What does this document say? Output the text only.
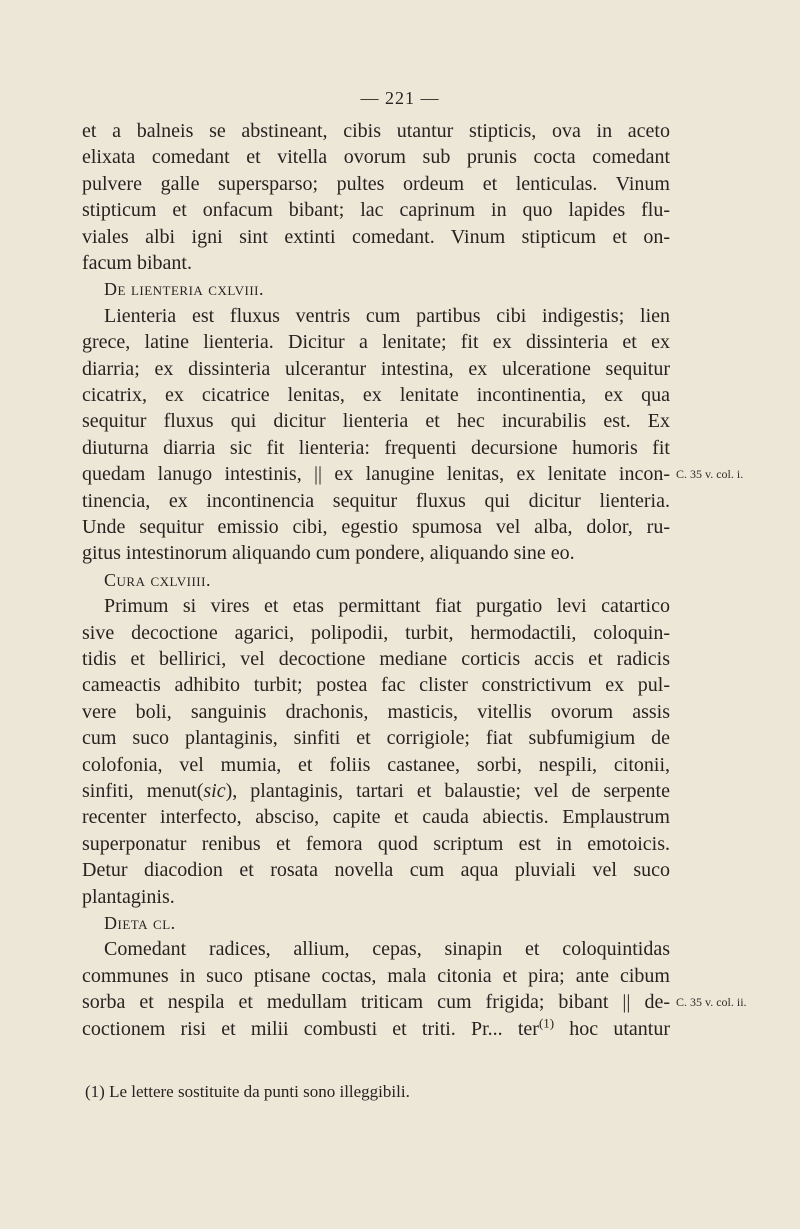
— 221 —
et a balneis se abstineant, cibis utantur stipticis, ova in aceto
elixata comedant et vitella ovorum sub prunis cocta comedant
pulvere galle supersparso; pultes ordeum et lenticulas. Vinum
stipticum et onfacum bibant; lac caprinum in quo lapides flu-
viales albi igni sint extinti comedant. Vinum stipticum et on-
facum bibant.
De lienteria cxlviii.
Lienteria est fluxus ventris cum partibus cibi indigestis; lien
grece, latine lienteria. Dicitur a lenitate; fit ex dissinteria et ex
diarria; ex dissinteria ulcerantur intestina, ex ulceratione sequitur
cicatrix, ex cicatrice lenitas, ex lenitate incontinentia, ex qua
sequitur fluxus qui dicitur lienteria et hec incurabilis est. Ex
diuturna diarria sic fit lienteria: frequenti decursione humoris fit
quedam lanugo intestinis, || ex lanugine lenitas, ex lenitate incon-
tinencia, ex incontinencia sequitur fluxus qui dicitur lienteria.
Unde sequitur emissio cibi, egestio spumosa vel alba, dolor, ru-
gitus intestinorum aliquando cum pondere, aliquando sine eo.
Cura cxlviiii.
Primum si vires et etas permittant fiat purgatio levi catartico
sive decoctione agarici, polipodii, turbit, hermodactili, coloquin-
tidis et bellirici, vel decoctione mediane corticis accis et radicis
cameactis adhibito turbit; postea fac clister constrictivum ex pul-
vere boli, sanguinis drachonis, masticis, vitellis ovorum assis
cum suco plantaginis, sinfiti et corrigiole; fiat subfumigium de
colofonia, vel mumia, et foliis castanee, sorbi, nespili, citonii,
sinfiti, menut(sic), plantaginis, tartari et balaustie; vel de serpente
recenter interfecto, absciso, capite et cauda abiectis. Emplaustrum
superponatur renibus et femora quod scriptum est in emotoicis.
Detur diacodion et rosata novella cum aqua pluviali vel suco
plantaginis.
Dieta cl.
Comedant radices, allium, cepas, sinapin et coloquintidas
communes in suco ptisane coctas, mala citonia et pira; ante cibum
sorba et nespila et medullam triticam cum frigida; bibant || de-
coctionem risi et milii combusti et triti. Pr... ter$^{(1)}$ hoc utantur
C. 35 v. col. i.
C. 35 v. col. ii.
(1) Le lettere sostituite da punti sono illeggibili.
